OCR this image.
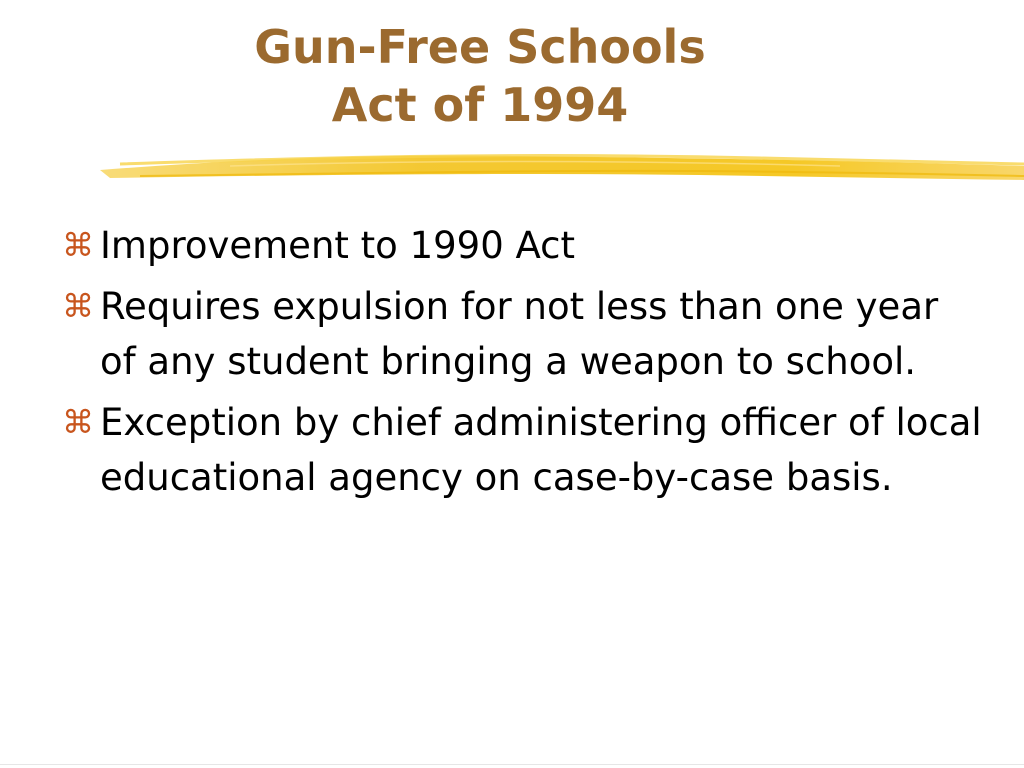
Gun-Free Schools
Act of 1994
⌘ Improvement to 1990 Act
⌘ Requires expulsion for not less than one year of any student bringing a weapon to school.
⌘ Exception by chief administering officer of local educational agency on case-by-case basis.
